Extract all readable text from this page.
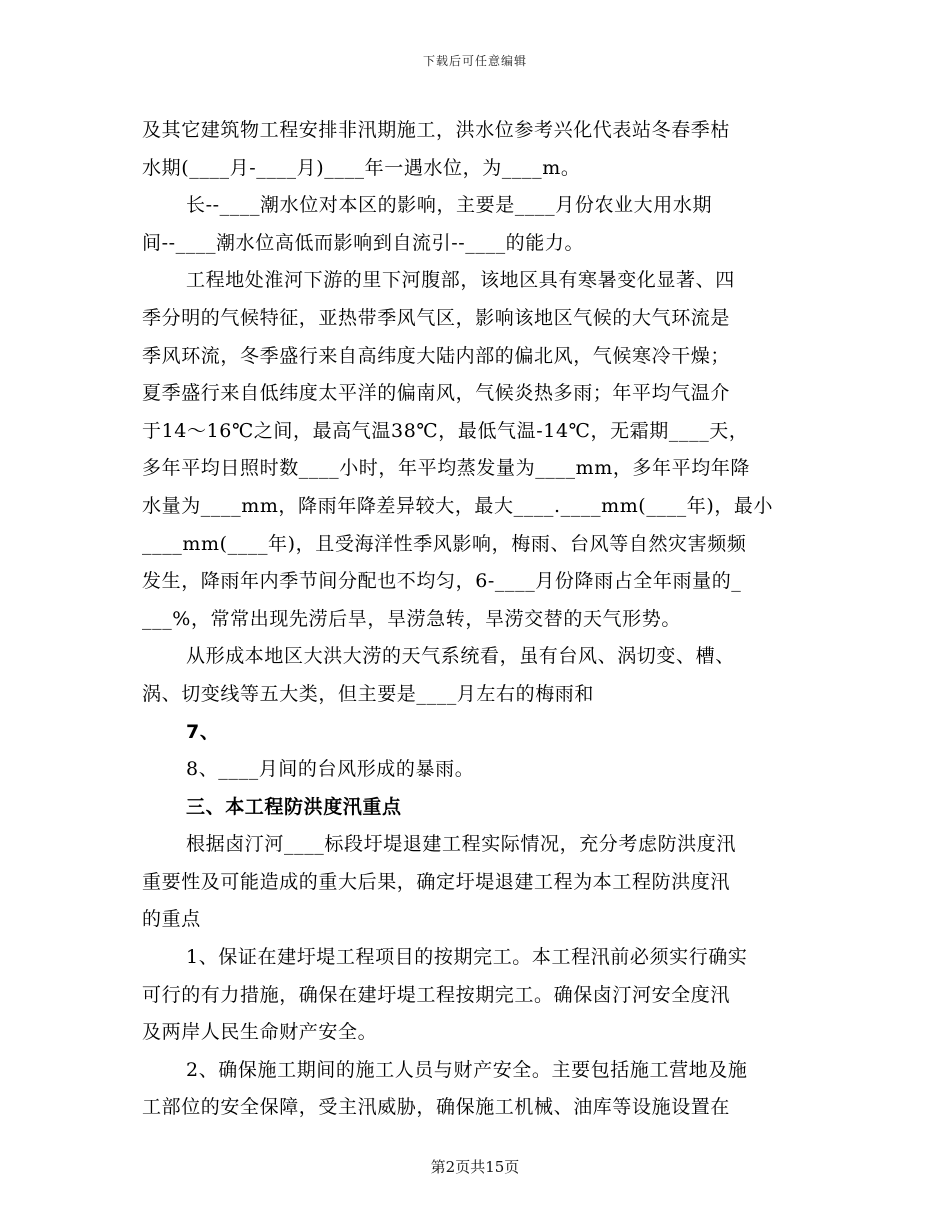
下载后可任意编辑
及其它建筑物工程安排非汛期施工，洪水位参考兴化代表站冬春季枯
水期(____月-____月)____年一遇水位，为____m。
长--____潮水位对本区的影响，主要是____月份农业大用水期
间--____潮水位高低而影响到自流引--____的能力。
工程地处淮河下游的里下河腹部，该地区具有寒暑变化显著、四
季分明的气候特征，亚热带季风气区，影响该地区气候的大气环流是
季风环流，冬季盛行来自高纬度大陆内部的偏北风，气候寒冷干燥；
夏季盛行来自低纬度太平洋的偏南风，气候炎热多雨；年平均气温介
于14～16℃之间，最高气温38℃，最低气温-14℃，无霜期____天，
多年平均日照时数____小时，年平均蒸发量为____mm，多年平均年降
水量为____mm，降雨年降差异较大，最大____.____mm(____年)，最小
____mm(____年)，且受海洋性季风影响，梅雨、台风等自然灾害频频
发生，降雨年内季节间分配也不均匀，6-____月份降雨占全年雨量的_
___%，常常出现先涝后旱，旱涝急转，旱涝交替的天气形势。
从形成本地区大洪大涝的天气系统看，虽有台风、涡切变、槽、
涡、切变线等五大类，但主要是____月左右的梅雨和
7、
8、____月间的台风形成的暴雨。
三、本工程防洪度汛重点
根据卤汀河____标段圩堤退建工程实际情况，充分考虑防洪度汛
重要性及可能造成的重大后果，确定圩堤退建工程为本工程防洪度汛
的重点
1、保证在建圩堤工程项目的按期完工。本工程汛前必须实行确实
可行的有力措施，确保在建圩堤工程按期完工。确保卤汀河安全度汛
及两岸人民生命财产安全。
2、确保施工期间的施工人员与财产安全。主要包括施工营地及施
工部位的安全保障，受主汛威胁，确保施工机械、油库等设施设置在
第2页共15页
